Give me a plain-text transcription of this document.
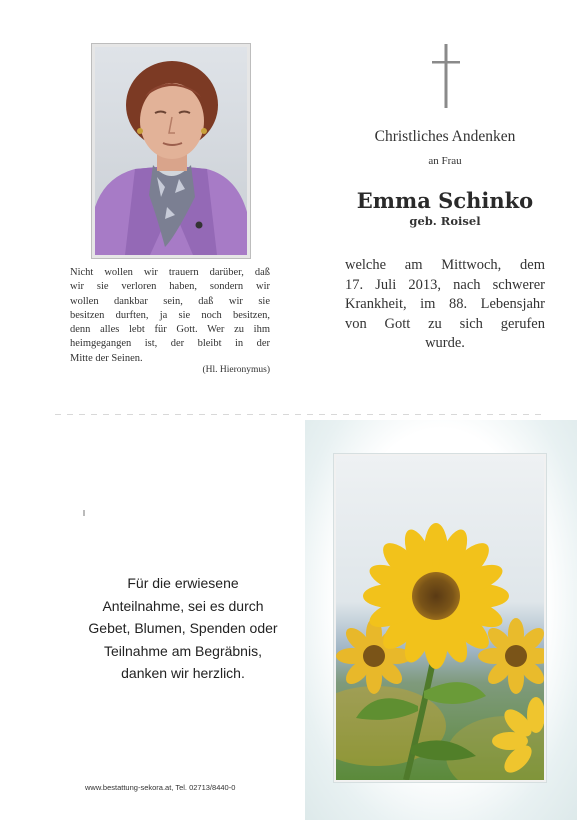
Nicht wollen wir trauern darüber, daß
wir sie verloren haben, sondern wir
wollen dankbar sein, daß wir sie
besitzen durften, ja sie noch besitzen,
denn alles lebt für Gott. Wer zu ihm
heimgegangen ist, der bleibt in der
Mitte der Seinen.
(Hl. Hieronymus)
Christliches Andenken
an Frau
Emma Schinko
geb. Roisel
welche am Mittwoch, dem
17. Juli 2013, nach schwerer
Krankheit, im 88. Lebensjahr
von Gott zu sich gerufen
wurde.
Für die erwiesene
Anteilnahme, sei es durch
Gebet, Blumen, Spenden oder
Teilnahme am Begräbnis,
danken wir herzlich.
www.bestattung-sekora.at, Tel. 02713/8440-0
